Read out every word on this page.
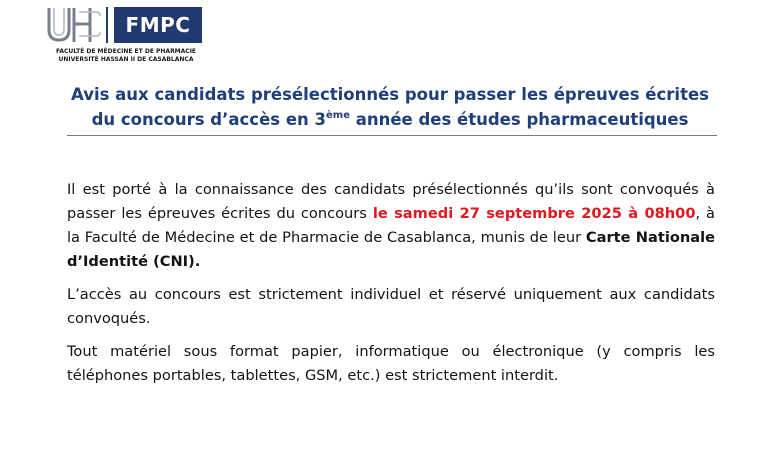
FMPC
FACULTÉ DE MÉDECINE ET DE PHARMACIE
UNIVERSITÉ HASSAN II DE CASABLANCA
Avis aux candidats présélectionnés pour passer les épreuves écrites
du concours d’accès en 3ème année des études pharmaceutiques

Il est porté à la connaissance des candidats présélectionnés qu’ils sont convoqués à passer les épreuves écrites du concours le samedi 27 septembre 2025 à 08h00, à la Faculté de Médecine et de Pharmacie de Casablanca, munis de leur Carte Nationale d’Identité (CNI).

L’accès au concours est strictement individuel et réservé uniquement aux candidats convoqués.

Tout matériel sous format papier, informatique ou électronique (y compris les téléphones portables, tablettes, GSM, etc.) est strictement interdit.
